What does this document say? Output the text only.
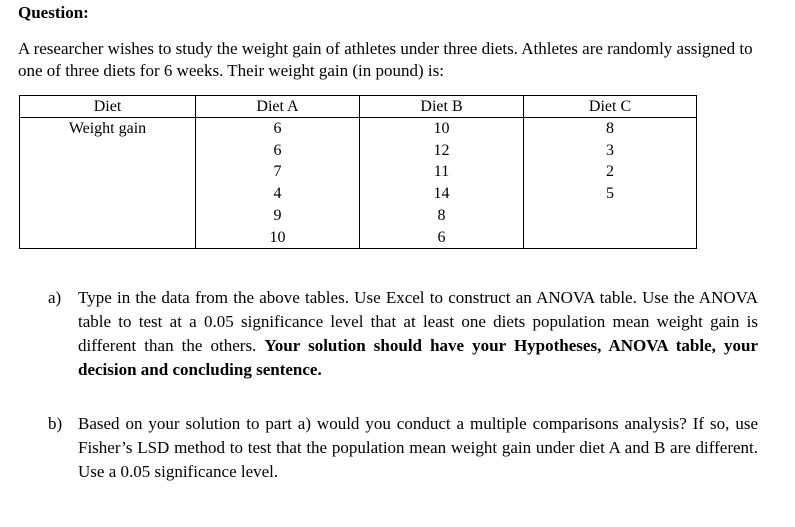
Question:
A researcher wishes to study the weight gain of athletes under three diets. Athletes are randomly assigned to one of three diets for 6 weeks. Their weight gain (in pound) is:
Diet	Diet A	Diet B	Diet C
Weight gain	6	10	8
	6	12	3
	7	11	2
	4	14	5
	9	8	
	10	6	
a) Type in the data from the above tables. Use Excel to construct an ANOVA table. Use the ANOVA table to test at a 0.05 significance level that at least one diets population mean weight gain is different than the others. Your solution should have your Hypotheses, ANOVA table, your decision and concluding sentence.
b) Based on your solution to part a) would you conduct a multiple comparisons analysis? If so, use Fisher’s LSD method to test that the population mean weight gain under diet A and B are different. Use a 0.05 significance level.
